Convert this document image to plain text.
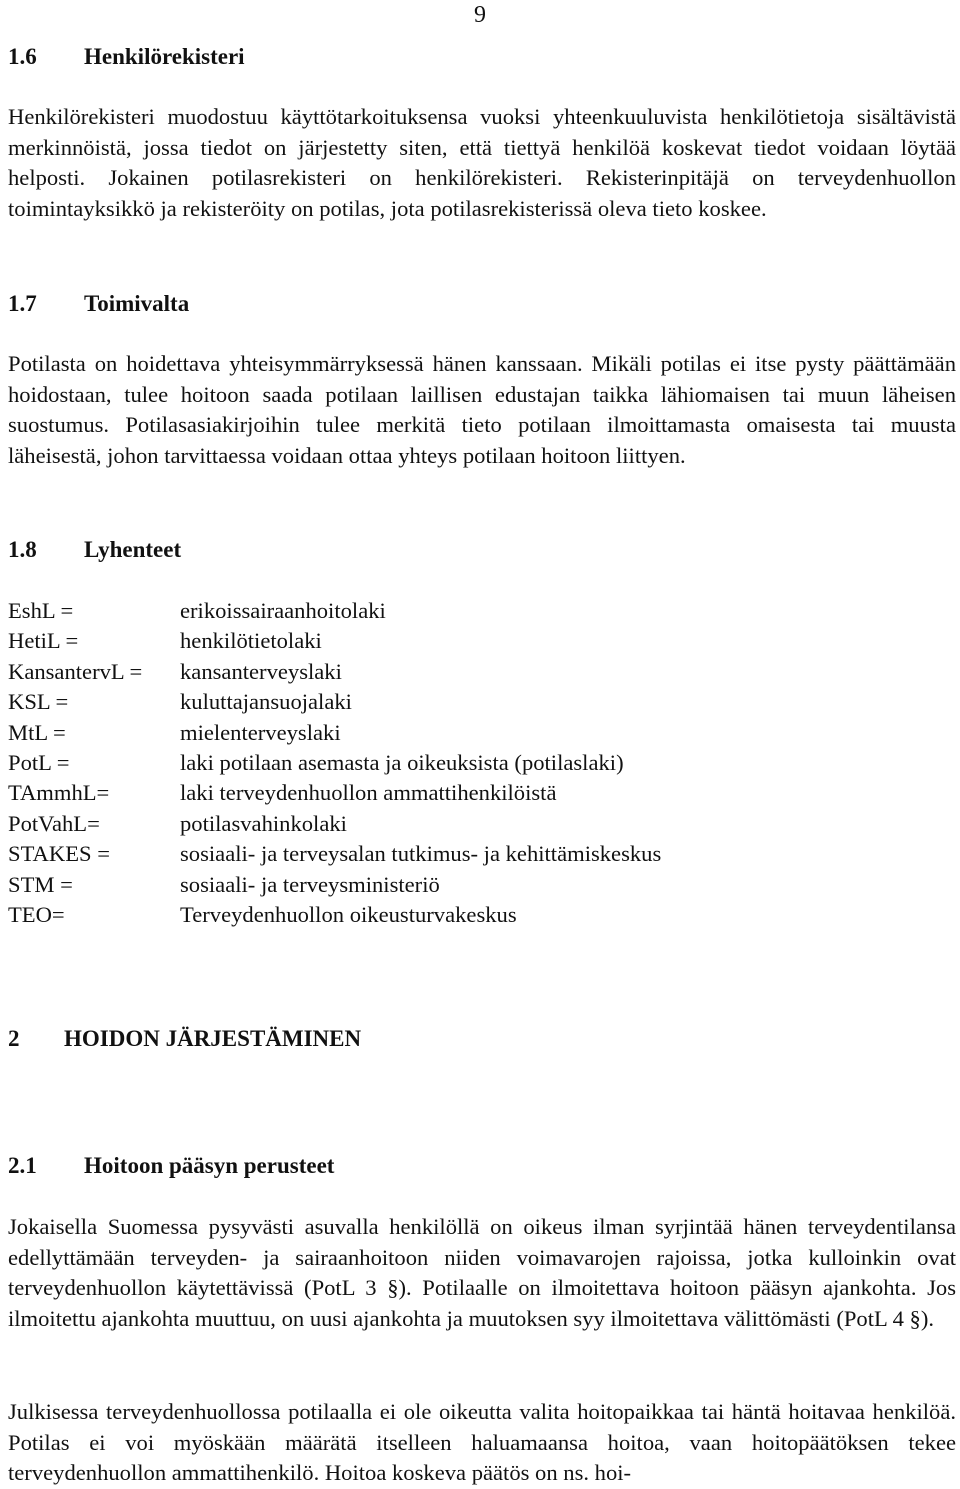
9
1.6 Henkilörekisteri

Henkilörekisteri muodostuu käyttötarkoituksensa vuoksi yhteenkuuluvista henkilötietoja sisältävistä merkinnöistä, jossa tiedot on järjestetty siten, että tiettyä henkilöä koskevat tiedot voidaan löytää helposti. Jokainen potilasrekisteri on henkilörekisteri. Rekisterinpitäjä on terveydenhuollon toimintayksikkö ja rekisteröity on potilas, jota potilasrekisterissä oleva tieto koskee.

1.7 Toimivalta

Potilasta on hoidettava yhteisymmärryksessä hänen kanssaan. Mikäli potilas ei itse pysty päättämään hoidostaan, tulee hoitoon saada potilaan laillisen edustajan taikka lähiomaisen tai muun läheisen suostumus. Potilasasiakirjoihin tulee merkitä tieto potilaan ilmoittamasta omaisesta tai muusta läheisestä, johon tarvittaessa voidaan ottaa yhteys potilaan hoitoon liittyen.

1.8 Lyhenteet
EshL =	erikoissairaanhoitolaki
HetiL =	henkilötietolaki
KansantervL = kansanterveyslaki
KSL =	kuluttajansuojalaki
MtL =	mielenterveyslaki
PotL =	laki potilaan asemasta ja oikeuksista (potilaslaki)
TAmmhL=	laki terveydenhuollon ammattihenkilöistä
PotVahL=	potilasvahinkolaki
STAKES =	sosiaali- ja terveysalan tutkimus- ja kehittämiskeskus
STM =	sosiaali- ja terveysministeriö
TEO=	Terveydenhuollon oikeusturvakeskus
2 HOIDON JÄRJESTÄMINEN
2.1 Hoitoon pääsyn perusteet

Jokaisella Suomessa pysyvästi asuvalla henkilöllä on oikeus ilman syrjintää hänen terveydentilansa edellyttämään terveyden- ja sairaanhoitoon niiden voimavarojen rajoissa, jotka kulloinkin ovat terveydenhuollon käytettävissä (PotL 3 §). Potilaalle on ilmoitettava hoitoon pääsyn ajankohta. Jos ilmoitettu ajankohta muuttuu, on uusi ajankohta ja muutoksen syy ilmoitettava välittömästi (PotL 4 §).

Julkisessa terveydenhuollossa potilaalla ei ole oikeutta valita hoitopaikkaa tai häntä hoitavaa henkilöä. Potilas ei voi myöskään määrätä itselleen haluamaansa hoitoa, vaan hoitopäätöksen tekee terveydenhuollon ammattihenkilö. Hoitoa koskeva päätös on ns. hoi-
